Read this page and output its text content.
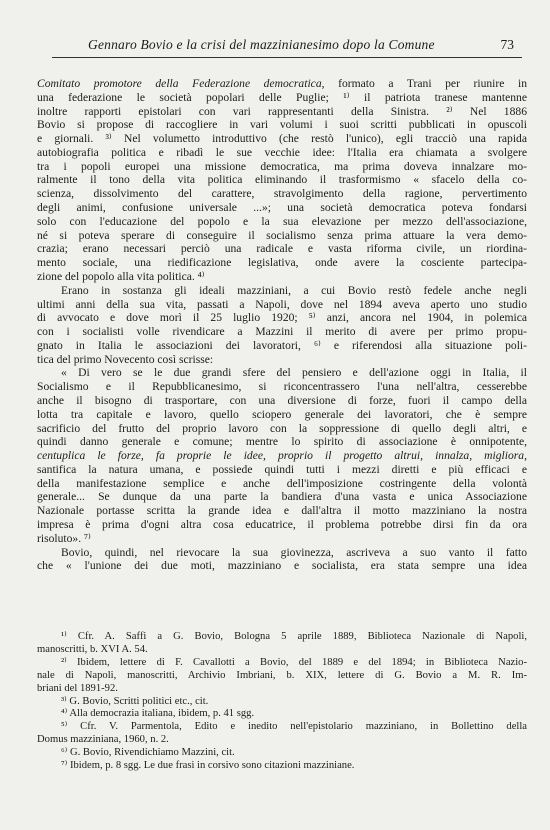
Gennaro Bovio e la crisi del mazzinianesimo dopo la Comune	73
Comitato promotore della Federazione democratica, formato a Trani per riunire in
una federazione le società popolari delle Puglie; ¹⁾ il patriota tranese mantenne
inoltre rapporti epistolari con vari rappresentanti della Sinistra. ²⁾ Nel 1886
Bovio si propose di raccogliere in vari volumi i suoi scritti pubblicati in opuscoli
e giornali. ³⁾ Nel volumetto introduttivo (che restò l'unico), egli tracciò una rapida
autobiografia politica e ribadì le sue vecchie idee: l'Italia era chiamata a svolgere
tra i popoli europei una missione democratica, ma prima doveva innalzare mo-
ralmente il tono della vita politica eliminando il trasformismo « sfacelo della co-
scienza, dissolvimento del carattere, stravolgimento della ragione, pervertimento
degli animi, confusione universale ...»; una società democratica poteva fondarsi
solo con l'educazione del popolo e la sua elevazione per mezzo dell'associazione,
né si poteva sperare di conseguire il socialismo senza prima attuare la vera demo-
crazia; erano necessari perciò una radicale e vasta riforma civile, un riordina-
mento sociale, una riedificazione legislativa, onde avere la cosciente partecipa-
zione del popolo alla vita politica. ⁴⁾
Erano in sostanza gli ideali mazziniani, a cui Bovio restò fedele anche negli
ultimi anni della sua vita, passati a Napoli, dove nel 1894 aveva aperto uno studio
di avvocato e dove morì il 25 luglio 1920; ⁵⁾ anzi, ancora nel 1904, in polemica
con i socialisti volle rivendicare a Mazzini il merito di avere per primo propu-
gnato in Italia le associazioni dei lavoratori, ⁶⁾ e riferendosi alla situazione poli-
tica del primo Novecento così scrisse:
« Di vero se le due grandi sfere del pensiero e dell'azione oggi in Italia, il
Socialismo e il Repubblicanesimo, si riconcentrassero l'una nell'altra, cesserebbe
anche il bisogno di trasportare, con una diversione di forze, fuori il campo della
lotta tra capitale e lavoro, quello sciopero generale dei lavoratori, che è sempre
sacrificio del frutto del proprio lavoro con la soppressione di quello degli altri, e
quindi danno generale e comune; mentre lo spirito di associazione è onnipotente,
centuplica le forze, fa proprie le idee, proprio il progetto altrui, innalza, migliora,
santifica la natura umana, e possiede quindi tutti i mezzi diretti e più efficaci e
della manifestazione semplice e anche dell'imposizione costringente della volontà
generale... Se dunque da una parte la bandiera d'una vasta e unica Associazione
Nazionale portasse scritta la grande idea e dall'altra il motto mazziniano la nostra
impresa è prima d'ogni altra cosa educatrice, il problema potrebbe dirsi fin da ora
risoluto». ⁷⁾
Bovio, quindi, nel rievocare la sua giovinezza, ascriveva a suo vanto il fatto
che « l'unione dei due moti, mazziniano e socialista, era stata sempre una idea
¹⁾ Cfr. A. Saffi a G. Bovio, Bologna 5 aprile 1889, Biblioteca Nazionale di Napoli,
manoscritti, b. XVI A. 54.
²⁾ Ibidem, lettere di F. Cavallotti a Bovio, del 1889 e del 1894; in Biblioteca Nazio-
nale di Napoli, manoscritti, Archivio Imbriani, b. XIX, lettere di G. Bovio a M. R. Im-
briani del 1891-92.
³⁾ G. Bovio, Scritti politici etc., cit.
⁴⁾ Alla democrazia italiana, ibidem, p. 41 sgg.
⁵⁾ Cfr. V. Parmentola, Edito e inedito nell'epistolario mazziniano, in Bollettino della
Domus mazziniana, 1960, n. 2.
⁶⁾ G. Bovio, Rivendichiamo Mazzini, cit.
⁷⁾ Ibidem, p. 8 sgg. Le due frasi in corsivo sono citazioni mazziniane.
